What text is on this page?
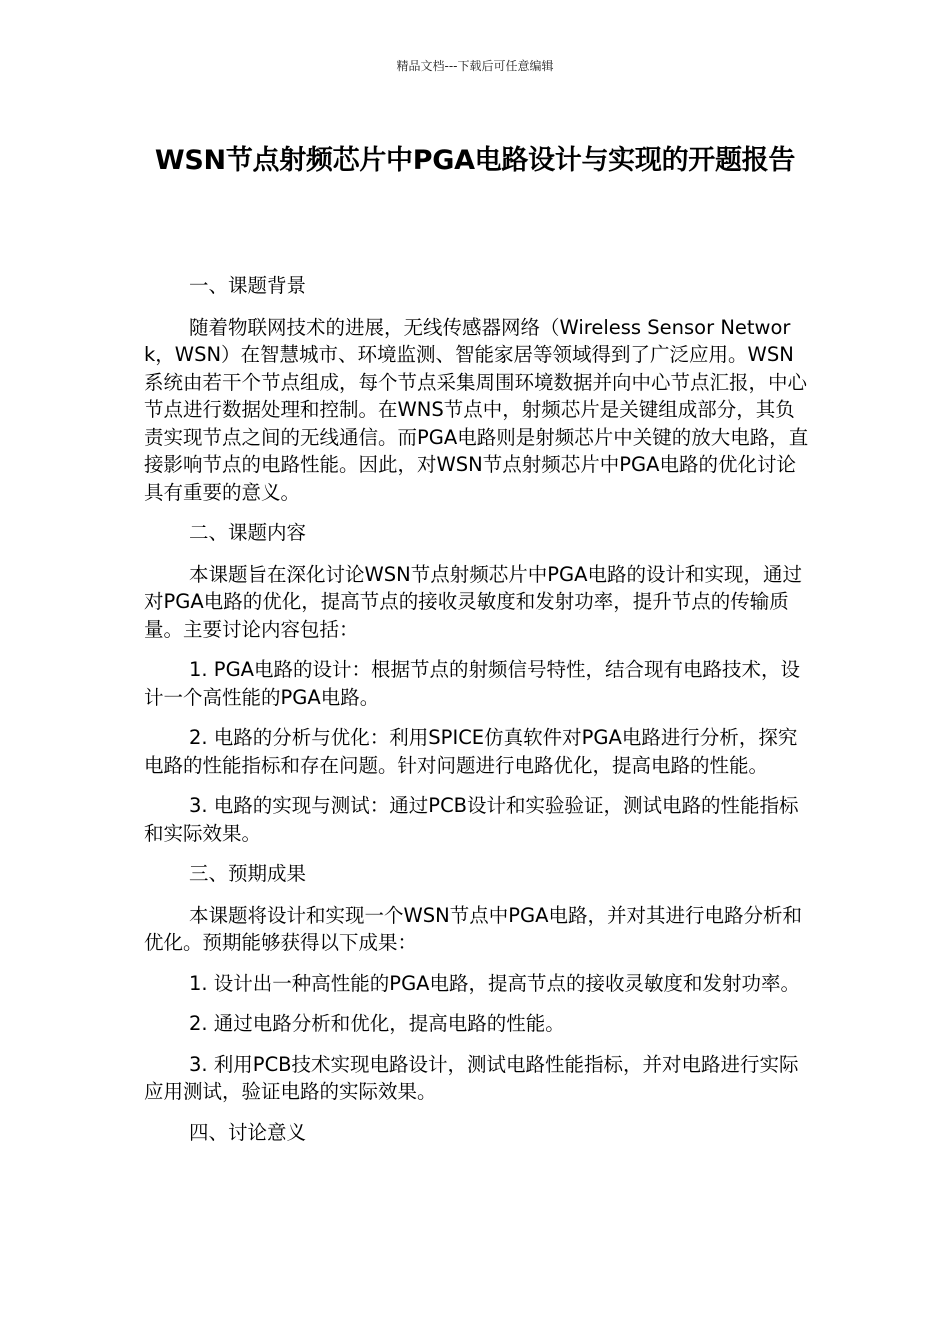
精品文档---下载后可任意编辑
WSN节点射频芯片中PGA电路设计与实现的开题报告

一、课题背景

随着物联网技术的进展，无线传感器网络（Wireless Sensor Network，WSN）在智慧城市、环境监测、智能家居等领域得到了广泛应用。WSN系统由若干个节点组成，每个节点采集周围环境数据并向中心节点汇报，中心节点进行数据处理和控制。在WNS节点中，射频芯片是关键组成部分，其负责实现节点之间的无线通信。而PGA电路则是射频芯片中关键的放大电路，直接影响节点的电路性能。因此，对WSN节点射频芯片中PGA电路的优化讨论具有重要的意义。

二、课题内容

本课题旨在深化讨论WSN节点射频芯片中PGA电路的设计和实现，通过对PGA电路的优化，提高节点的接收灵敏度和发射功率，提升节点的传输质量。主要讨论内容包括：

1. PGA电路的设计：根据节点的射频信号特性，结合现有电路技术，设计一个高性能的PGA电路。

2. 电路的分析与优化：利用SPICE仿真软件对PGA电路进行分析，探究电路的性能指标和存在问题。针对问题进行电路优化，提高电路的性能。

3. 电路的实现与测试：通过PCB设计和实验验证，测试电路的性能指标和实际效果。

三、预期成果

本课题将设计和实现一个WSN节点中PGA电路，并对其进行电路分析和优化。预期能够获得以下成果：

1. 设计出一种高性能的PGA电路，提高节点的接收灵敏度和发射功率。

2. 通过电路分析和优化，提高电路的性能。

3. 利用PCB技术实现电路设计，测试电路性能指标，并对电路进行实际应用测试，验证电路的实际效果。

四、讨论意义
